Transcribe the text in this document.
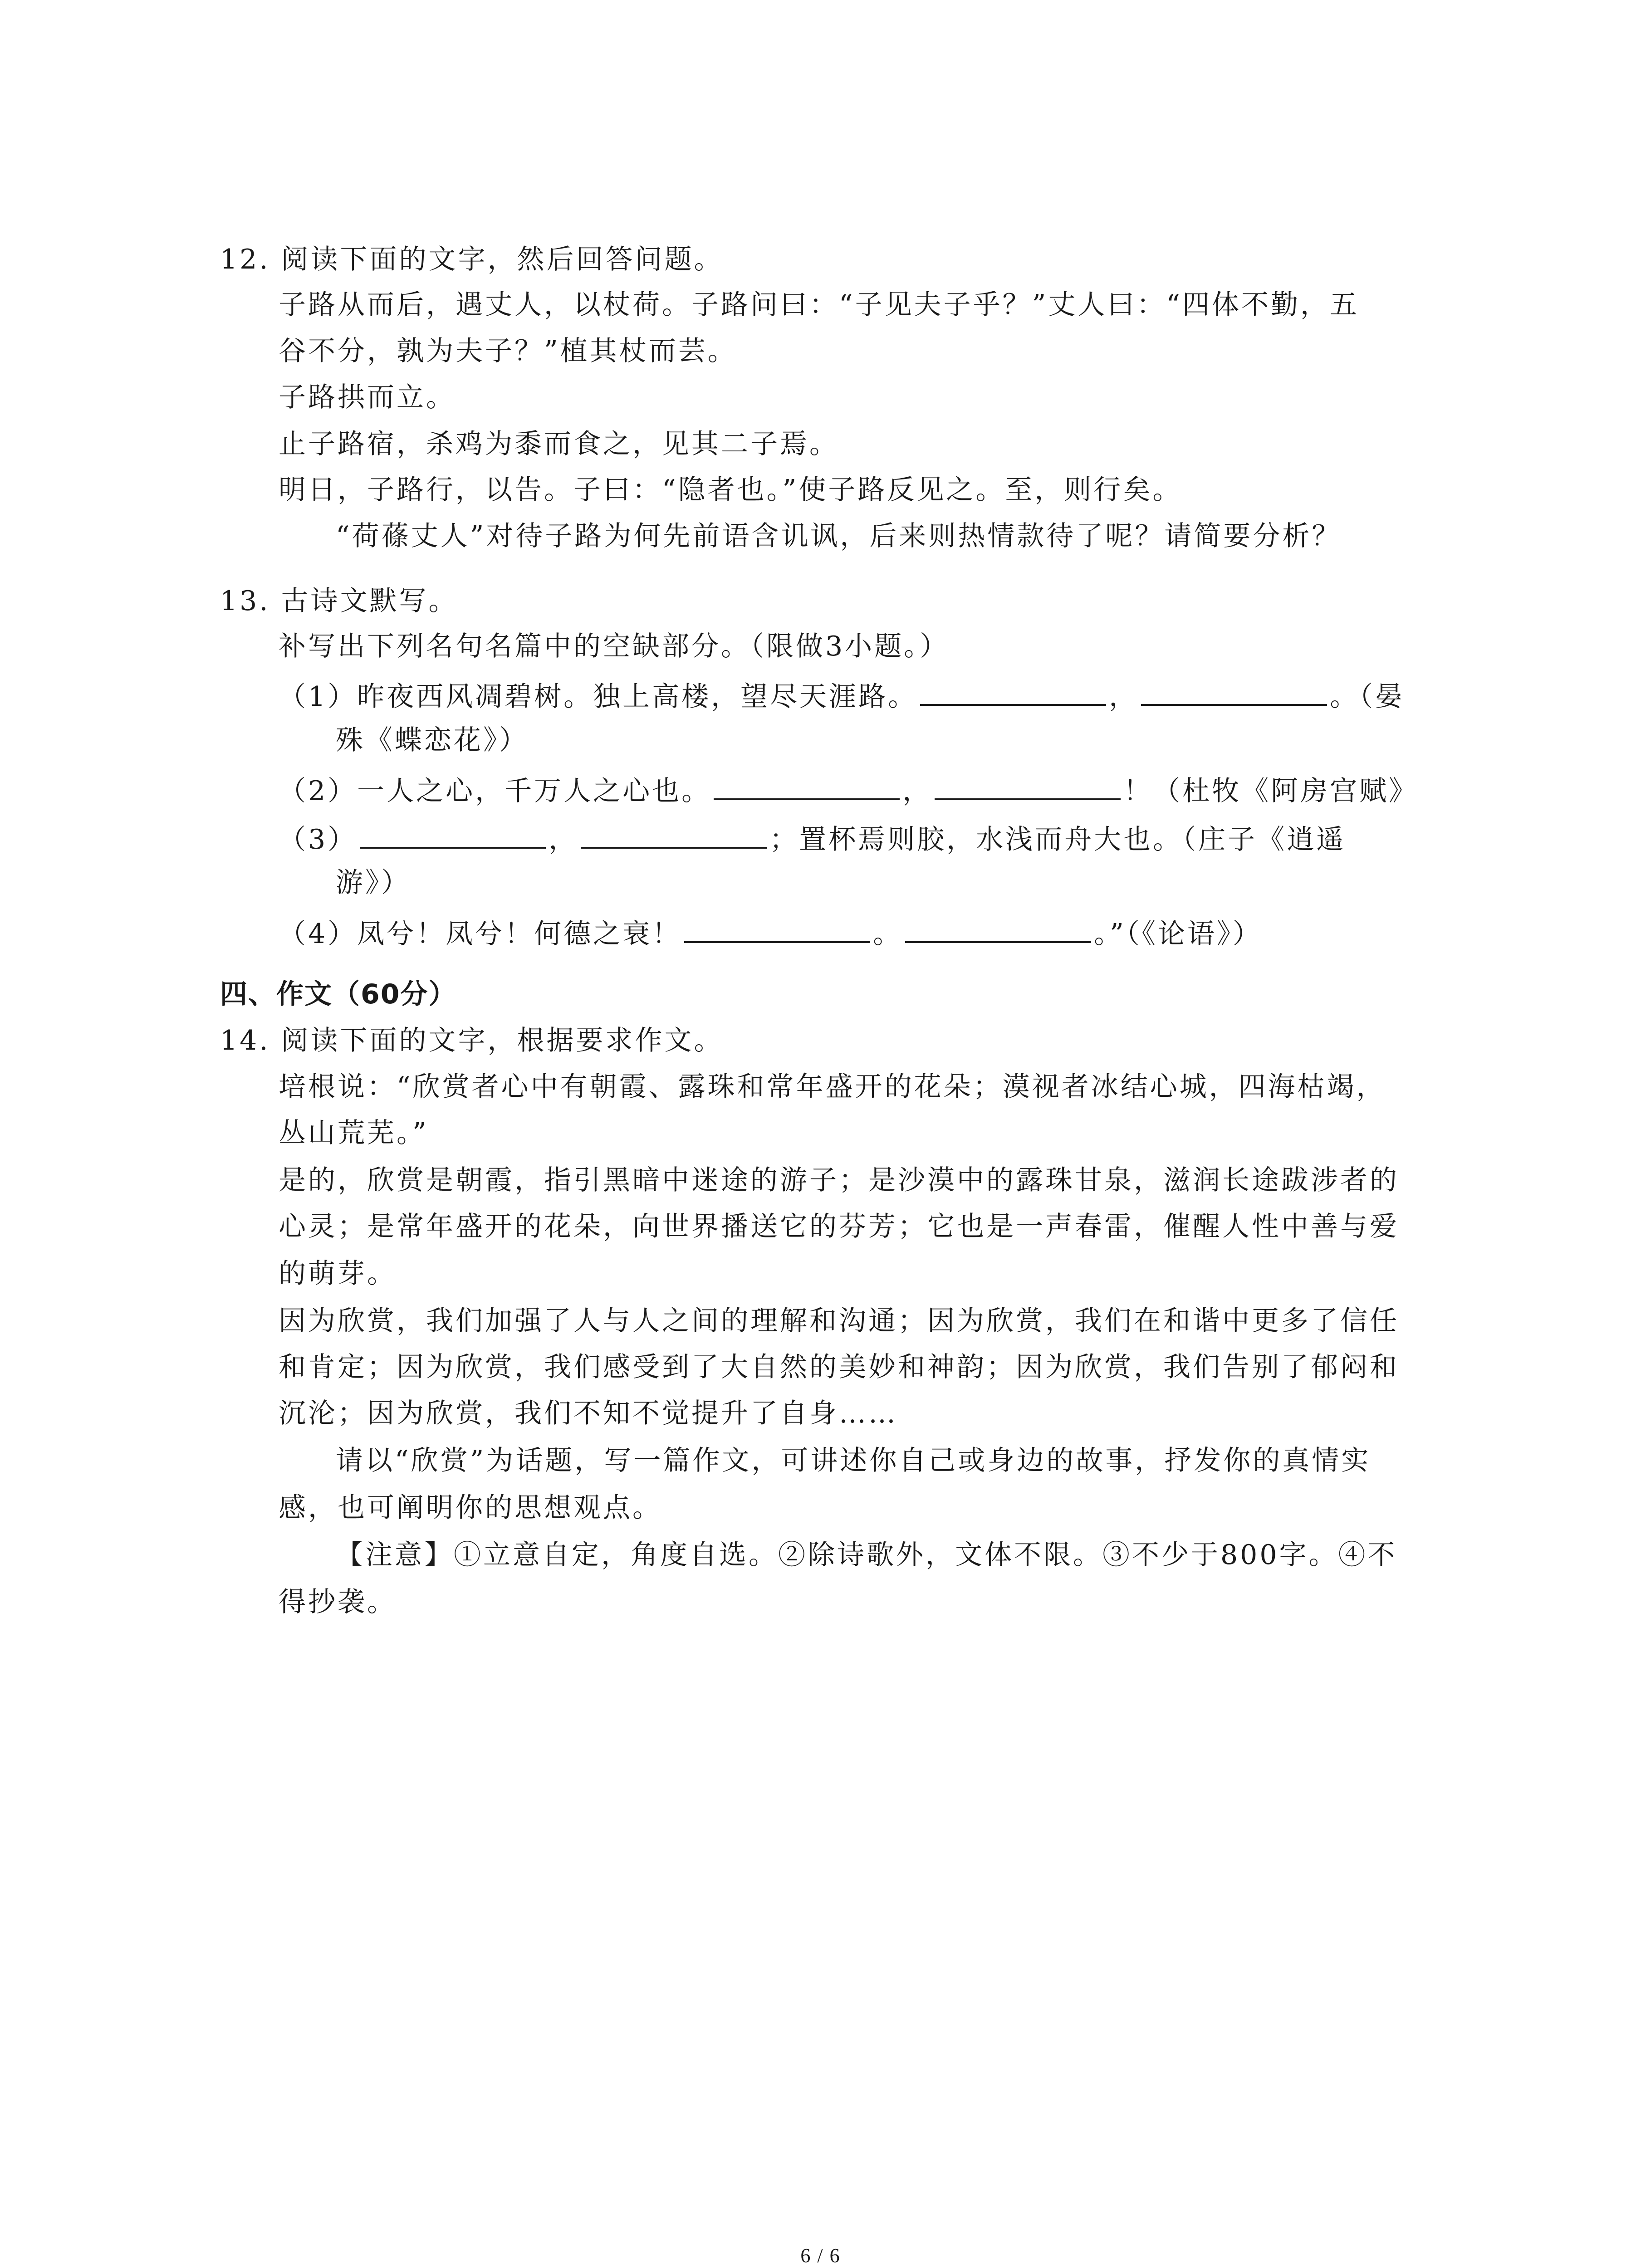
12. 阅读下面的文字，然后回答问题。
子路从而后，遇丈人，以杖荷。子路问曰：“子见夫子乎？”丈人曰：“四体不勤，五
谷不分，孰为夫子？”植其杖而芸。
子路拱而立。
止子路宿，杀鸡为黍而食之，见其二子焉。
明日，子路行，以告。子曰：“隐者也。”使子路反见之。至，则行矣。
“荷蓧丈人”对待子路为何先前语含讥讽，后来则热情款待了呢？请简要分析？
13. 古诗文默写。
补写出下列名句名篇中的空缺部分。（限做3小题。）
（1）昨夜西风凋碧树。独上高楼，望尽天涯路。	，	。（晏
殊《蝶恋花》）
（2）一人之心，千万人之心也。	，	！（杜牧《阿房宫赋》
（3）	，	；置杯焉则胶，水浅而舟大也。（庄子《逍遥
游》）
（4）凤兮！凤兮！何德之衰！	。	。”（《论语》）
四、作文（60分）
14. 阅读下面的文字，根据要求作文。
培根说：“欣赏者心中有朝霞、露珠和常年盛开的花朵；漠视者冰结心城，四海枯竭，
丛山荒芜。”
是的，欣赏是朝霞，指引黑暗中迷途的游子；是沙漠中的露珠甘泉，滋润长途跋涉者的
心灵；是常年盛开的花朵，向世界播送它的芬芳；它也是一声春雷，催醒人性中善与爱
的萌芽。
因为欣赏，我们加强了人与人之间的理解和沟通；因为欣赏，我们在和谐中更多了信任
和肯定；因为欣赏，我们感受到了大自然的美妙和神韵；因为欣赏，我们告别了郁闷和
沉沦；因为欣赏，我们不知不觉提升了自身……
请以“欣赏”为话题，写一篇作文，可讲述你自己或身边的故事，抒发你的真情实
感，也可阐明你的思想观点。
【注意】①立意自定，角度自选。②除诗歌外，文体不限。③不少于800字。④不
得抄袭。
6 / 6
